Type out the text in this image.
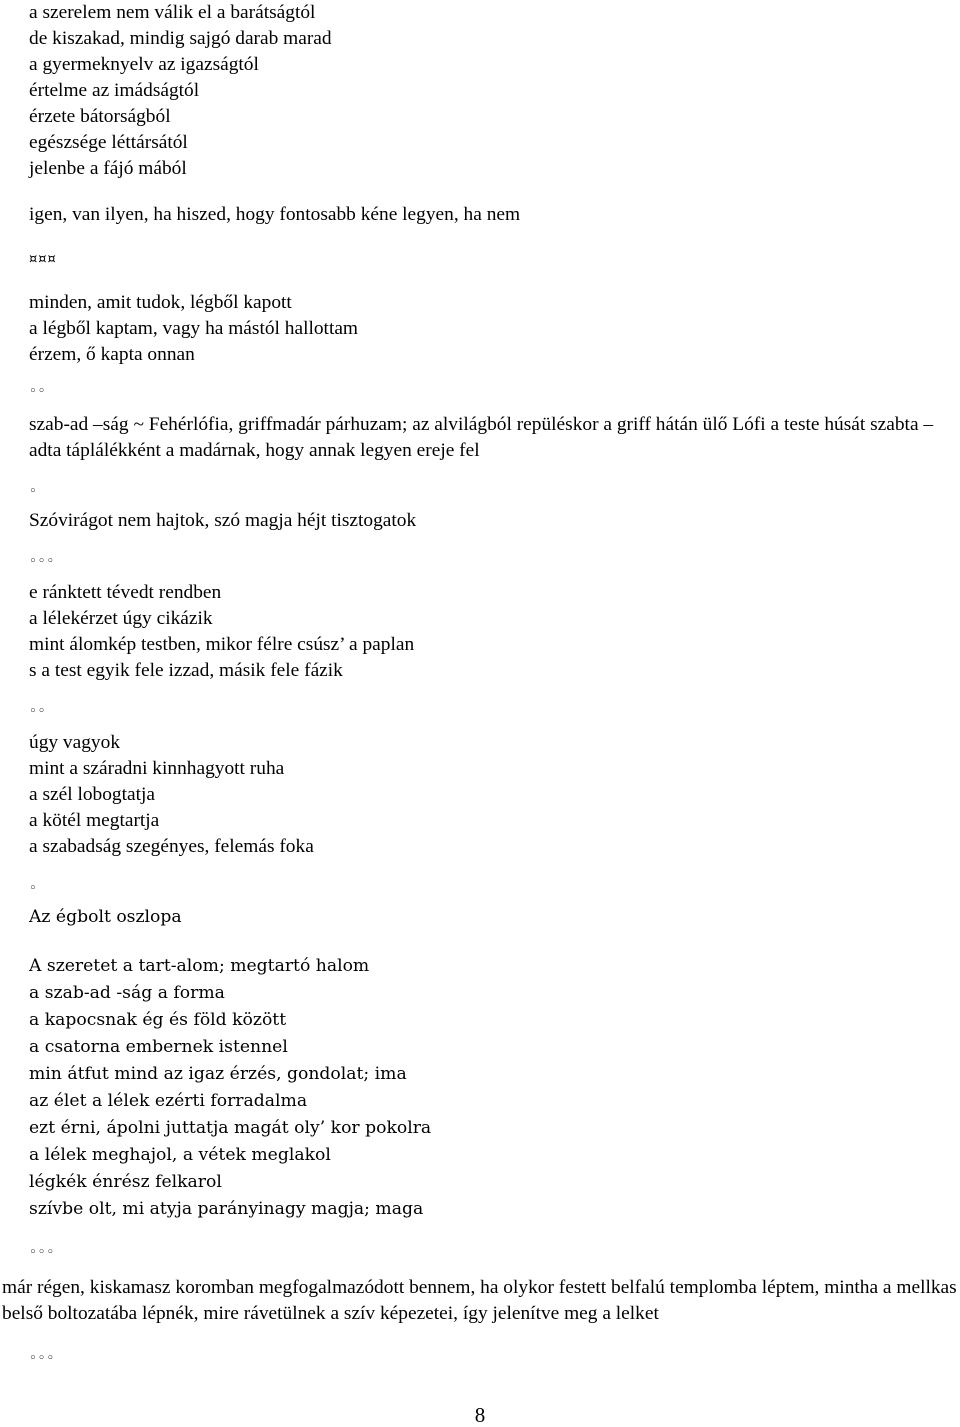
a szerelem nem válik el a barátságtól
de kiszakad, mindig sajgó darab marad
a gyermeknyelv az igazságtól
értelme az imádságtól
érzete bátorságból
egészsége léttársától
jelenbe a fájó mából
igen, van ilyen, ha hiszed, hogy fontosabb kéne legyen, ha nem
¤¤¤
minden, amit tudok, légből kapott
a légből kaptam, vagy ha mástól hallottam
érzem, ő kapta onnan
◦◦
szab-ad –ság ~ Fehérlófia, griffmadár párhuzam; az alvilágból repüléskor a griff hátán ülő Lófi a teste húsát szabta – adta táplálékként a madárnak, hogy annak legyen ereje fel
◦
Szóvirágot nem hajtok, szó magja héjt tisztogatok
◦◦◦
e ránktett tévedt rendben
a lélekérzet úgy cikázik
mint álomkép testben, mikor félre csúsz’ a paplan
s a test egyik fele izzad, másik fele fázik
◦◦
úgy vagyok
mint a száradni kinnhagyott ruha
a szél lobogtatja
a kötél megtartja
a szabadság szegényes, felemás foka
◦
Az égbolt oszlopa
A szeretet a tart-alom; megtartó halom
a szab-ad -ság a forma
a kapocsnak ég és föld között
a csatorna embernek istennel
min átfut mind az igaz érzés, gondolat; ima
az élet a lélek ezérti forradalma
ezt érni, ápolni juttatja magát oly’ kor pokolra
a lélek meghajol, a vétek meglakol
légkék énrész felkarol
szívbe olt, mi atyja parányinagy magja; maga
◦◦◦
már régen, kiskamasz koromban megfogalmazódott bennem, ha olykor festett belfalú templomba léptem, mintha a mellkas belső boltozatába lépnék, mire rávetülnek a szív képezetei, így jelenítve meg a lelket
◦◦◦
8
